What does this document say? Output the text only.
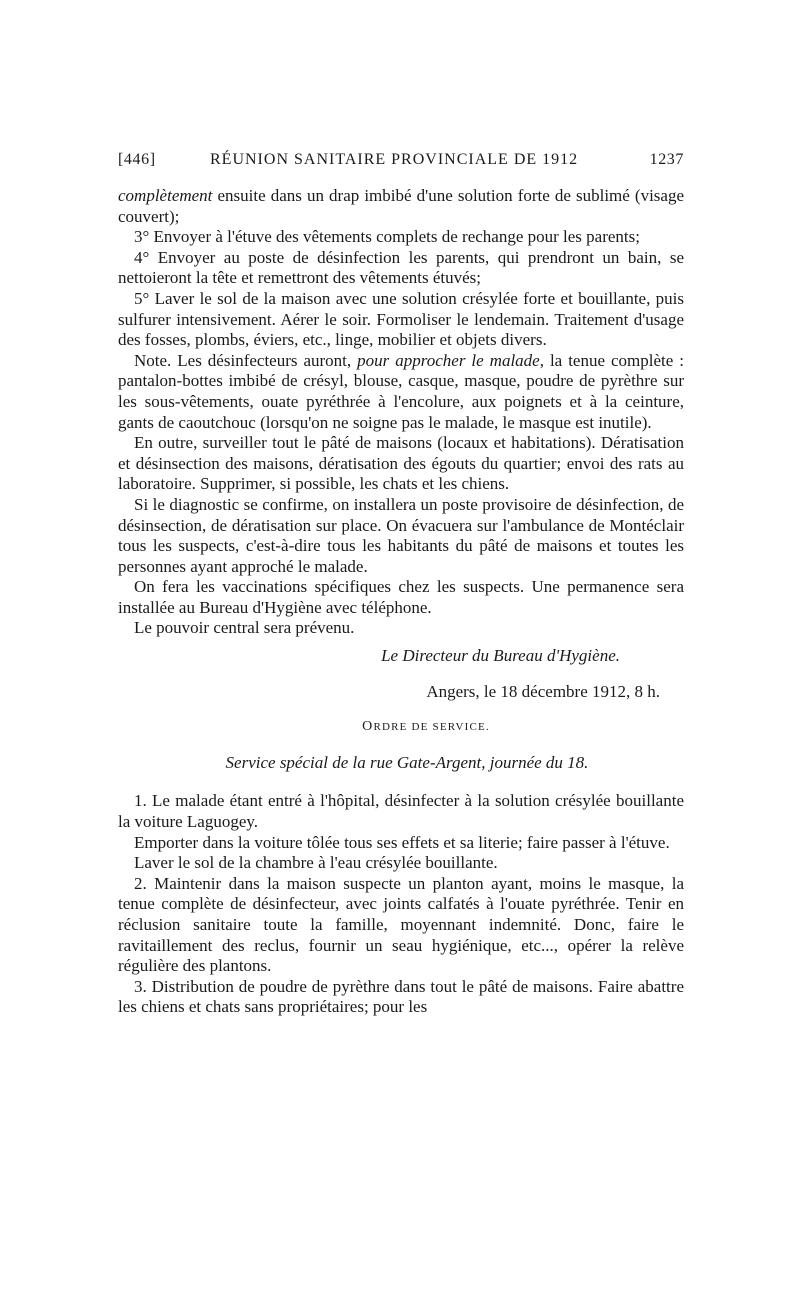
[446]	RÉUNION SANITAIRE PROVINCIALE DE 1912	1237

complètement ensuite dans un drap imbibé d'une solution forte de sublimé (visage couvert);

3° Envoyer à l'étuve des vêtements complets de rechange pour les parents;

4° Envoyer au poste de désinfection les parents, qui prendront un bain, se nettoieront la tête et remettront des vêtements étuvés;

5° Laver le sol de la maison avec une solution crésylée forte et bouillante, puis sulfurer intensivement. Aérer le soir. Formoliser le lendemain. Traitement d'usage des fosses, plombs, éviers, etc., linge, mobilier et objets divers.

Note. Les désinfecteurs auront, pour approcher le malade, la tenue complète : pantalon-bottes imbibé de crésyl, blouse, casque, masque, poudre de pyrèthre sur les sous-vêtements, ouate pyréthrée à l'encolure, aux poignets et à la ceinture, gants de caoutchouc (lorsqu'on ne soigne pas le malade, le masque est inutile).

En outre, surveiller tout le pâté de maisons (locaux et habitations). Dératisation et désinsection des maisons, dératisation des égouts du quartier; envoi des rats au laboratoire. Supprimer, si possible, les chats et les chiens.

Si le diagnostic se confirme, on installera un poste provisoire de désinfection, de désinsection, de dératisation sur place. On évacuera sur l'ambulance de Montéclair tous les suspects, c'est-à-dire tous les habitants du pâté de maisons et toutes les personnes ayant approché le malade.

On fera les vaccinations spécifiques chez les suspects. Une permanence sera installée au Bureau d'Hygiène avec téléphone.

Le pouvoir central sera prévenu.

Le Directeur du Bureau d'Hygiène.

Angers, le 18 décembre 1912, 8 h.

ORDRE DE SERVICE.

Service spécial de la rue Gate-Argent, journée du 18.

1. Le malade étant entré à l'hôpital, désinfecter à la solution crésylée bouillante la voiture Laguogey.

Emporter dans la voiture tôlée tous ses effets et sa literie; faire passer à l'étuve.

Laver le sol de la chambre à l'eau crésylée bouillante.

2. Maintenir dans la maison suspecte un planton ayant, moins le masque, la tenue complète de désinfecteur, avec joints calfatés à l'ouate pyréthrée. Tenir en réclusion sanitaire toute la famille, moyennant indemnité. Donc, faire le ravitaillement des reclus, fournir un seau hygiénique, etc..., opérer la relève régulière des plantons.

3. Distribution de poudre de pyrèthre dans tout le pâté de maisons. Faire abattre les chiens et chats sans propriétaires; pour les
